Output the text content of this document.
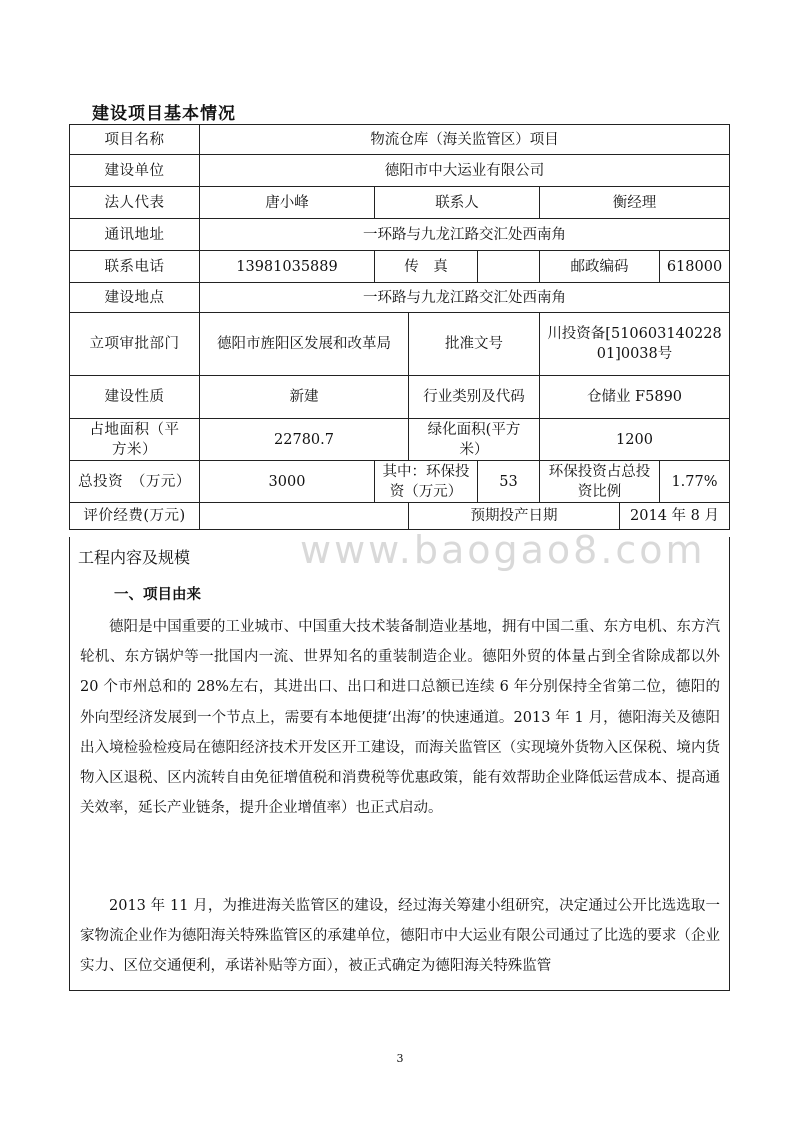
建设项目基本情况
项目名称	物流仓库（海关监管区）项目						
建设单位	德阳市中大运业有限公司						
法人代表	唐小峰	联系人			衡经理		
通讯地址	一环路与九龙江路交汇处西南角						
联系电话	13981035889	传　真			邮政编码		618000
建设地点	一环路与九龙江路交汇处西南角						
立项审批部门	德阳市旌阳区发展和改革局		批准文号		川投资备[51060314022801]0038号		
建设性质	新建		行业类别及代码		仓储业 F5890		
占地面积（平方米）	22780.7		绿化面积(平方米）		1200		
总投资　（万元）	3000	其中：环保投资（万元）		53	环保投资占总投资比例		1.77%
评价经费(万元)			预期投产日期			2014 年 8 月	
www.baogao8.com
工程内容及规模
一、项目由来

德阳是中国重要的工业城市、中国重大技术装备制造业基地，拥有中国二重、东方电机、东方汽轮机、东方锅炉等一批国内一流、世界知名的重装制造企业。德阳外贸的体量占到全省除成都以外 20 个市州总和的 28%左右，其进出口、出口和进口总额已连续 6 年分别保持全省第二位，德阳的外向型经济发展到一个节点上，需要有本地便捷‘出海’的快速通道。2013 年 1 月，德阳海关及德阳出入境检验检疫局在德阳经济技术开发区开工建设，而海关监管区（实现境外货物入区保税、境内货物入区退税、区内流转自由免征增值税和消费税等优惠政策，能有效帮助企业降低运营成本、提高通关效率，延长产业链条，提升企业增值率）也正式启动。

2013 年 11 月，为推进海关监管区的建设，经过海关筹建小组研究，决定通过公开比选选取一家物流企业作为德阳海关特殊监管区的承建单位，德阳市中大运业有限公司通过了比选的要求（企业实力、区位交通便利，承诺补贴等方面），被正式确定为德阳海关特殊监管

3
